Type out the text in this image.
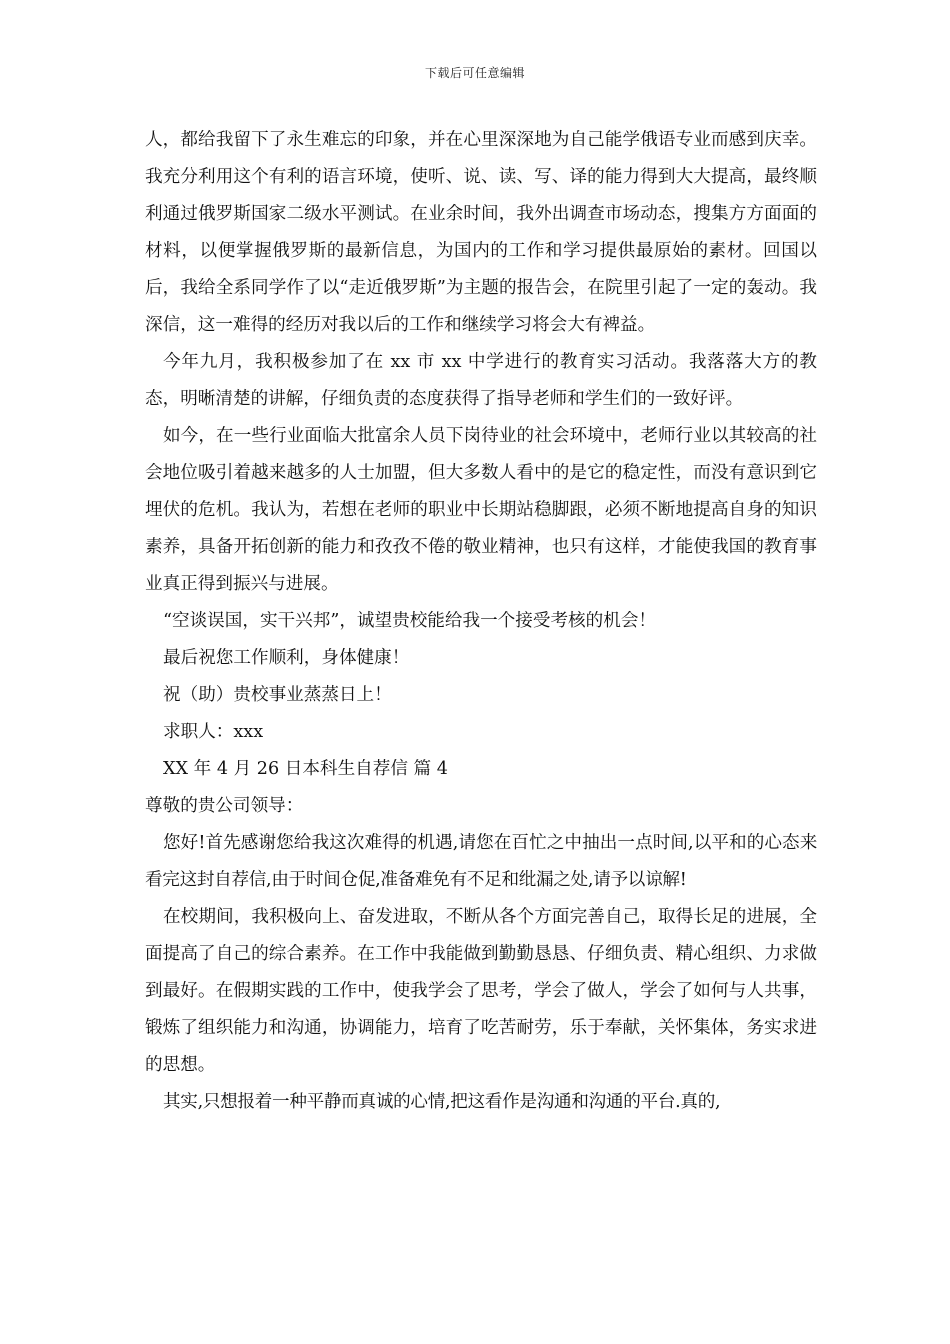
下载后可任意编辑

人，都给我留下了永生难忘的印象，并在心里深深地为自己能学俄语专业而感到庆幸。我充分利用这个有利的语言环境，使听、说、读、写、译的能力得到大大提高，最终顺利通过俄罗斯国家二级水平测试。在业余时间，我外出调查市场动态，搜集方方面面的材料，以便掌握俄罗斯的最新信息，为国内的工作和学习提供最原始的素材。回国以后，我给全系同学作了以“走近俄罗斯”为主题的报告会，在院里引起了一定的轰动。我深信，这一难得的经历对我以后的工作和继续学习将会大有裨益。

今年九月，我积极参加了在 xx 市 xx 中学进行的教育实习活动。我落落大方的教态，明晰清楚的讲解，仔细负责的态度获得了指导老师和学生们的一致好评。

如今，在一些行业面临大批富余人员下岗待业的社会环境中，老师行业以其较高的社会地位吸引着越来越多的人士加盟，但大多数人看中的是它的稳定性，而没有意识到它埋伏的危机。我认为，若想在老师的职业中长期站稳脚跟，必须不断地提高自身的知识素养，具备开拓创新的能力和孜孜不倦的敬业精神，也只有这样，才能使我国的教育事业真正得到振兴与进展。

“空谈误国，实干兴邦”，诚望贵校能给我一个接受考核的机会！

最后祝您工作顺利，身体健康！

祝（助）贵校事业蒸蒸日上！

求职人：xxx

XX 年 4 月 26 日本科生自荐信 篇 4

尊敬的贵公司领导：

您好!首先感谢您给我这次难得的机遇,请您在百忙之中抽出一点时间,以平和的心态来看完这封自荐信,由于时间仓促,准备难免有不足和纰漏之处,请予以谅解!

在校期间，我积极向上、奋发进取，不断从各个方面完善自己，取得长足的进展，全面提高了自己的综合素养。在工作中我能做到勤勤恳恳、仔细负责、精心组织、力求做到最好。在假期实践的工作中，使我学会了思考，学会了做人，学会了如何与人共事，锻炼了组织能力和沟通，协调能力，培育了吃苦耐劳，乐于奉献，关怀集体，务实求进的思想。

其实,只想报着一种平静而真诚的心情,把这看作是沟通和沟通的平台.真的,
